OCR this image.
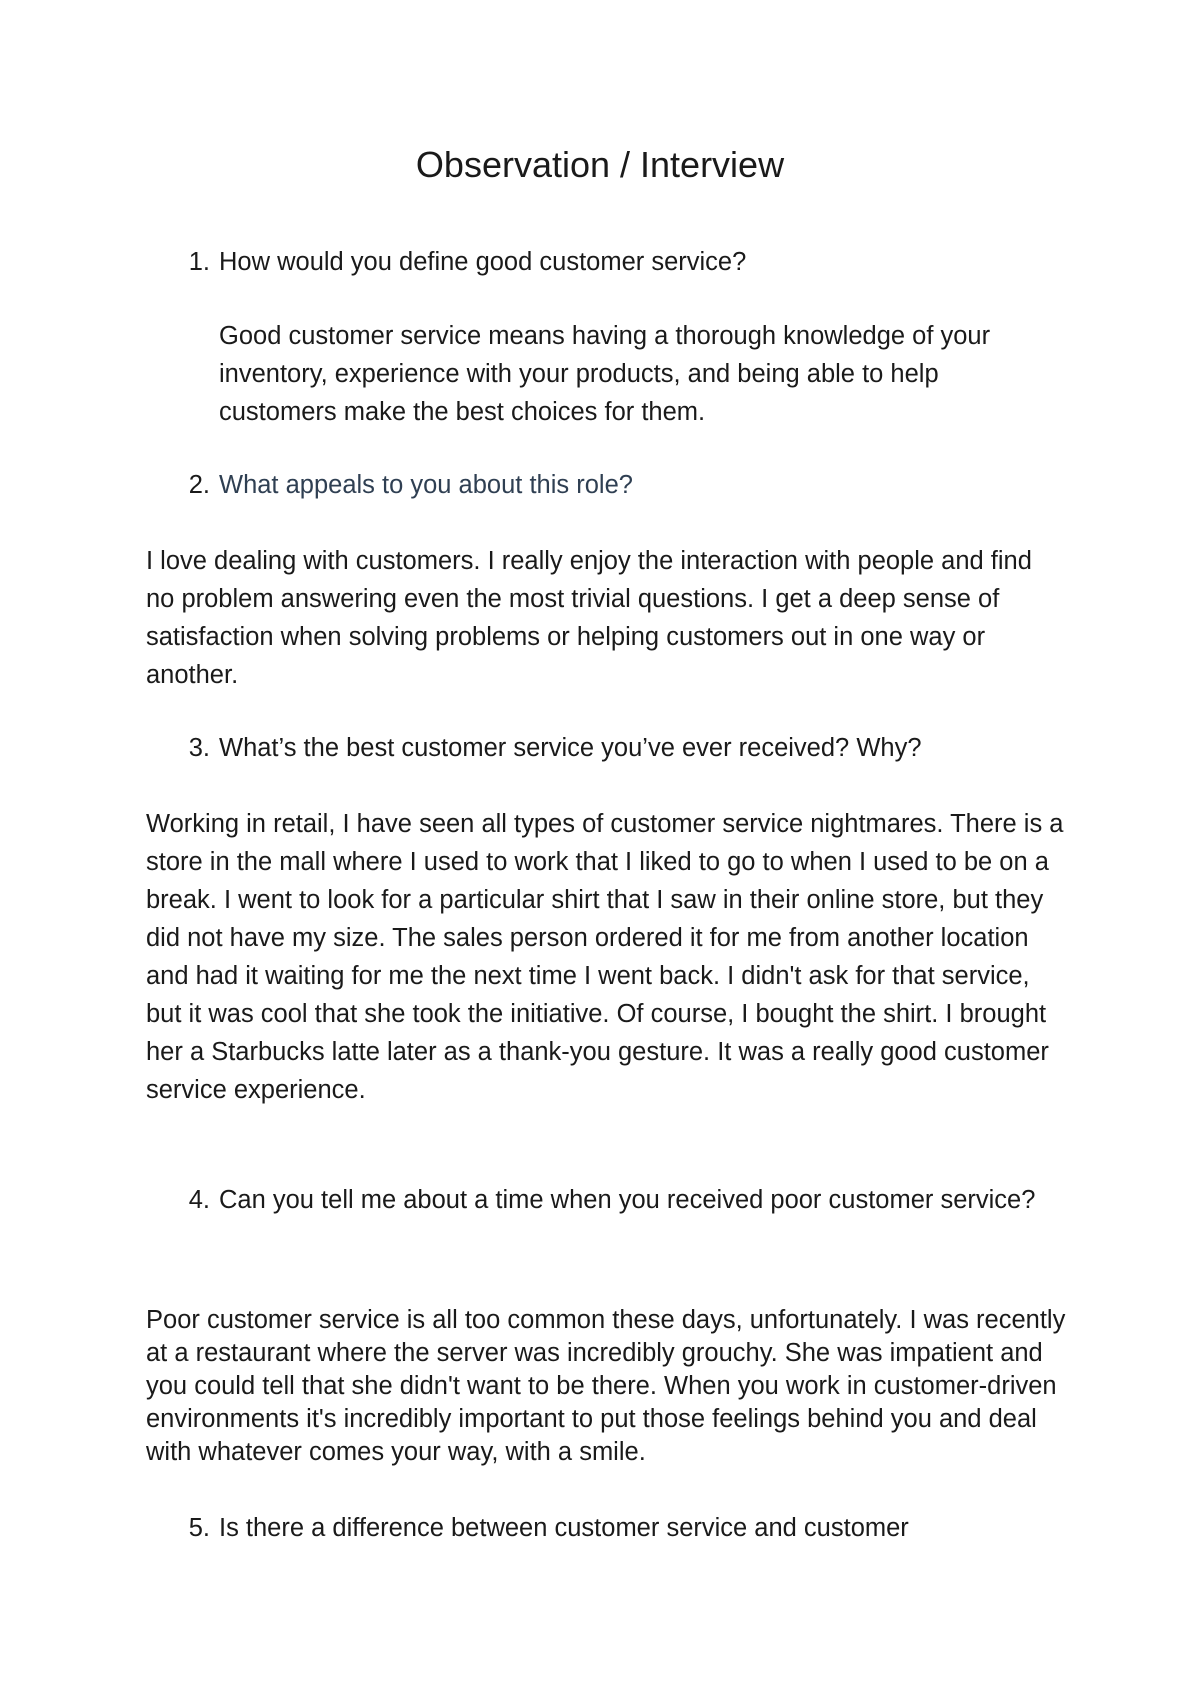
Observation / Interview
1. How would you define good customer service?
Good customer service means having a thorough knowledge of your inventory, experience with your products, and being able to help customers make the best choices for them.
2. What appeals to you about this role?
I love dealing with customers. I really enjoy the interaction with people and find no problem answering even the most trivial questions. I get a deep sense of satisfaction when solving problems or helping customers out in one way or another.
3. What’s the best customer service you’ve ever received? Why?
Working in retail, I have seen all types of customer service nightmares. There is a store in the mall where I used to work that I liked to go to when I used to be on a break. I went to look for a particular shirt that I saw in their online store, but they did not have my size. The sales person ordered it for me from another location and had it waiting for me the next time I went back. I didn't ask for that service, but it was cool that she took the initiative. Of course, I bought the shirt. I brought her a Starbucks latte later as a thank-you gesture. It was a really good customer service experience.
4. Can you tell me about a time when you received poor customer service?
Poor customer service is all too common these days, unfortunately. I was recently at a restaurant where the server was incredibly grouchy. She was impatient and you could tell that she didn't want to be there. When you work in customer-driven environments it's incredibly important to put those feelings behind you and deal with whatever comes your way, with a smile.
5. Is there a difference between customer service and customer
